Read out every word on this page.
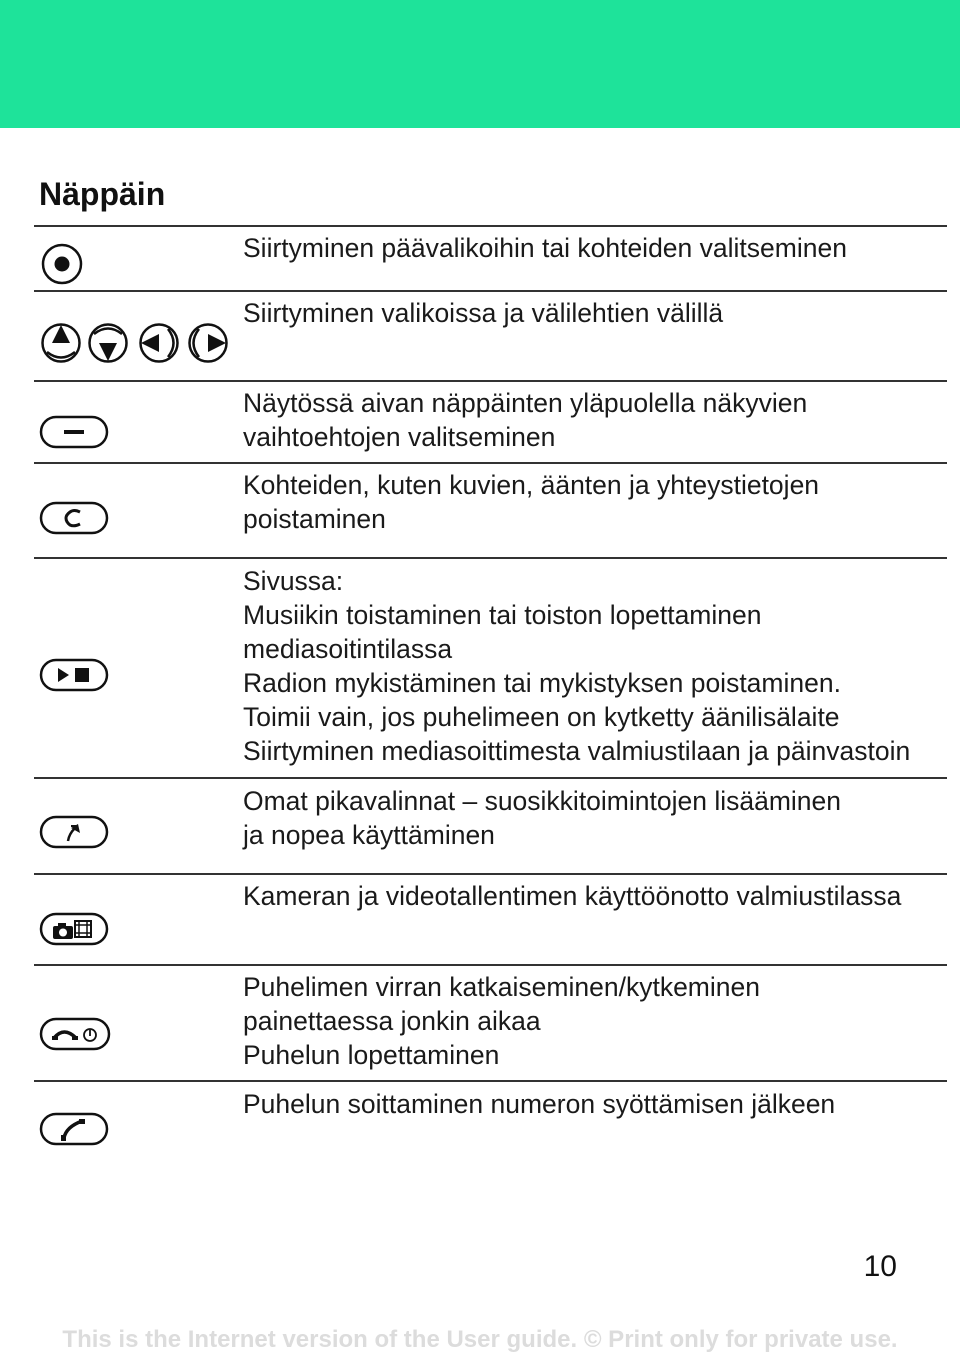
Näppäin
Siirtyminen päävalikoihin tai kohteiden valitseminen
Siirtyminen valikoissa ja välilehtien välillä
Näytössä aivan näppäinten yläpuolella näkyvien
vaihtoehtojen valitseminen
Kohteiden, kuten kuvien, äänten ja yhteystietojen
poistaminen
Sivussa:
Musiikin toistaminen tai toiston lopettaminen
mediasoitintilassa
Radion mykistäminen tai mykistyksen poistaminen.
Toimii vain, jos puhelimeen on kytketty äänilisälaite
Siirtyminen mediasoittimesta valmiustilaan ja päinvastoin
Omat pikavalinnat – suosikkitoimintojen lisääminen
ja nopea käyttäminen
Kameran ja videotallentimen käyttöönotto valmiustilassa
Puhelimen virran katkaiseminen/kytkeminen
painettaessa jonkin aikaa
Puhelun lopettaminen
Puhelun soittaminen numeron syöttämisen jälkeen
10
This is the Internet version of the User guide. © Print only for private use.
